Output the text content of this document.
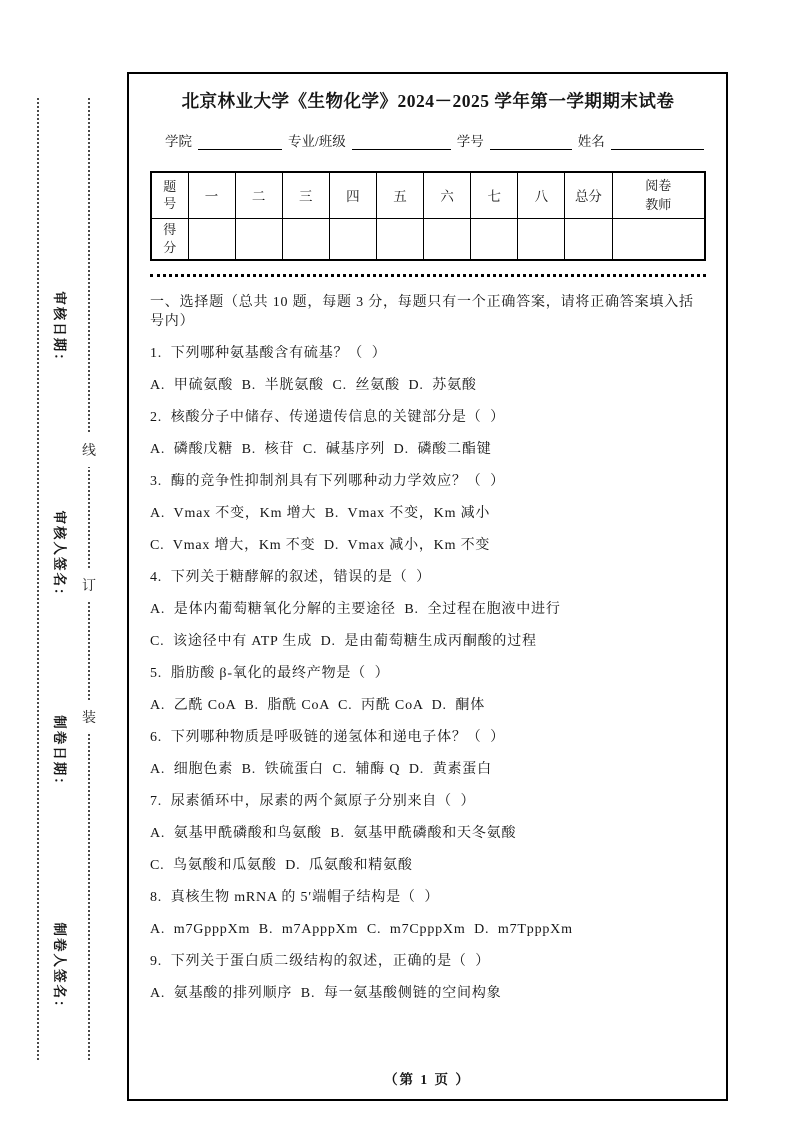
审核日期：
审核人签名：
制卷日期：
制卷人签名：
线
订
装
北京林业大学《生物化学》2024－2025 学年第一学期期末试卷
学院	专业/班级	学号	姓名
题号	一	二	三	四	五	六	七	八	总分	阅卷教师

得分										

一、选择题（总共 10 题，每题 3 分，每题只有一个正确答案，请将正确答案填入括号内）

1.  下列哪种氨基酸含有硫基？（  ）

A.  甲硫氨酸  B.  半胱氨酸  C.  丝氨酸  D.  苏氨酸

2.  核酸分子中储存、传递遗传信息的关键部分是（  ）

A.  磷酸戊糖  B.  核苷  C.  碱基序列  D.  磷酸二酯键

3.  酶的竞争性抑制剂具有下列哪种动力学效应？（  ）

A.  Vmax 不变，Km 增大  B.  Vmax 不变，Km 减小

C.  Vmax 增大，Km 不变  D.  Vmax 减小，Km 不变

4.  下列关于糖酵解的叙述，错误的是（  ）

A.  是体内葡萄糖氧化分解的主要途径  B.  全过程在胞液中进行

C.  该途径中有 ATP 生成  D.  是由葡萄糖生成丙酮酸的过程

5.  脂肪酸 β-氧化的最终产物是（  ）

A.  乙酰 CoA  B.  脂酰 CoA  C.  丙酰 CoA  D.  酮体

6.  下列哪种物质是呼吸链的递氢体和递电子体？（  ）

A.  细胞色素  B.  铁硫蛋白  C.  辅酶 Q  D.  黄素蛋白

7.  尿素循环中，尿素的两个氮原子分别来自（  ）

A.  氨基甲酰磷酸和鸟氨酸  B.  氨基甲酰磷酸和天冬氨酸

C.  鸟氨酸和瓜氨酸  D.  瓜氨酸和精氨酸

8.  真核生物 mRNA 的 5′端帽子结构是（  ）

A.  m7GpppXm  B.  m7ApppXm  C.  m7CpppXm  D.  m7TpppXm

9.  下列关于蛋白质二级结构的叙述，正确的是（  ）

A.  氨基酸的排列顺序  B.  每一氨基酸侧链的空间构象

（第 1 页 ）
